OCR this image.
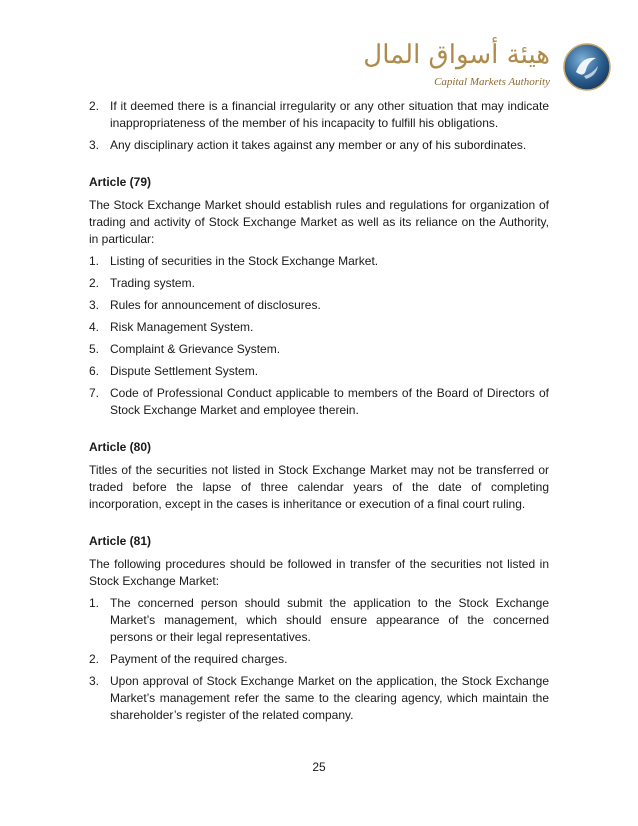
هيئة أسواق المال
Capital Markets Authority
2. If it deemed there is a financial irregularity or any other situation that may indicate inappropriateness of the member of his incapacity to fulfill his obligations.
3. Any disciplinary action it takes against any member or any of his subordinates.
Article (79)
The Stock Exchange Market should establish rules and regulations for organization of trading and activity of Stock Exchange Market as well as its reliance on the Authority, in particular:
1. Listing of securities in the Stock Exchange Market.
2. Trading system.
3. Rules for announcement of disclosures.
4. Risk Management System.
5. Complaint & Grievance System.
6. Dispute Settlement System.
7. Code of Professional Conduct applicable to members of the Board of Directors of Stock Exchange Market and employee therein.
Article (80)
Titles of the securities not listed in Stock Exchange Market may not be transferred or traded before the lapse of three calendar years of the date of completing incorporation, except in the cases is inheritance or execution of a final court ruling.
Article (81)
The following procedures should be followed in transfer of the securities not listed in Stock Exchange Market:
1. The concerned person should submit the application to the Stock Exchange Market’s management, which should ensure appearance of the concerned persons or their legal representatives.
2. Payment of the required charges.
3. Upon approval of Stock Exchange Market on the application, the Stock Exchange Market’s management refer the same to the clearing agency, which maintain the shareholder’s register of the related company.
25
